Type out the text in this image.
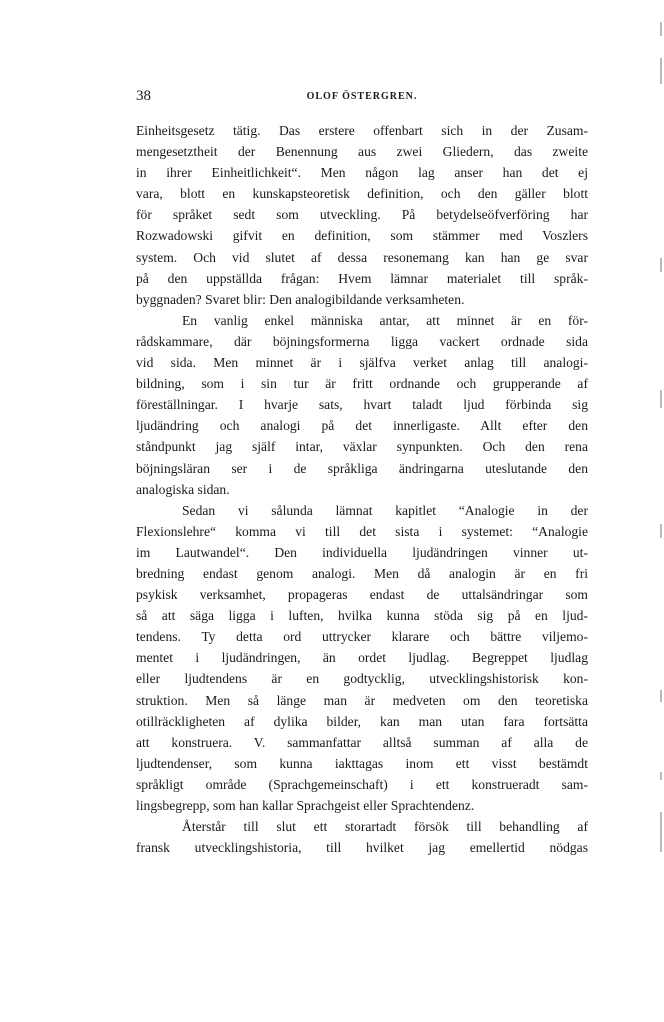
38	OLOF ÖSTERGREN.
Einheitsgesetz tätig. Das erstere offenbart sich in der Zusam-
mengesetztheit der Benennung aus zwei Gliedern, das zweite
in ihrer Einheitlichkeit“. Men någon lag anser han det ej
vara, blott en kunskapsteoretisk definition, och den gäller blott
för språket sedt som utveckling. På betydelseöfverföring har
Rozwadowski gifvit en definition, som stämmer med Voszlers
system. Och vid slutet af dessa resonemang kan han ge svar
på den uppställda frågan: Hvem lämnar materialet till språk-
byggnaden? Svaret blir: Den analogibildande verksamheten.
En vanlig enkel människa antar, att minnet är en för-
rådskammare, där böjningsformerna ligga vackert ordnade sida
vid sida. Men minnet är i själfva verket anlag till analogi-
bildning, som i sin tur är fritt ordnande och grupperande af
föreställningar. I hvarje sats, hvart taladt ljud förbinda sig
ljudändring och analogi på det innerligaste. Allt efter den
ståndpunkt jag själf intar, växlar synpunkten. Och den rena
böjningsläran ser i de språkliga ändringarna uteslutande den
analogiska sidan.
Sedan vi sålunda lämnat kapitlet “Analogie in der
Flexionslehre“ komma vi till det sista i systemet: “Analogie
im Lautwandel“. Den individuella ljudändringen vinner ut-
bredning endast genom analogi. Men då analogin är en fri
psykisk verksamhet, propageras endast de uttalsändringar som
så att säga ligga i luften, hvilka kunna stöda sig på en ljud-
tendens. Ty detta ord uttrycker klarare och bättre viljemo-
mentet i ljudändringen, än ordet ljudlag. Begreppet ljudlag
eller ljudtendens är en godtycklig, utvecklingshistorisk kon-
struktion. Men så länge man är medveten om den teoretiska
otillräckligheten af dylika bilder, kan man utan fara fortsätta
att konstruera. V. sammanfattar alltså summan af alla de
ljudtendenser, som kunna iakttagas inom ett visst bestämdt
språkligt område (Sprachgemeinschaft) i ett konstrueradt sam-
lingsbegrepp, som han kallar Sprachgeist eller Sprachtendenz.
Återstår till slut ett storartadt försök till behandling af
fransk utvecklingshistoria, till hvilket jag emellertid nödgas
